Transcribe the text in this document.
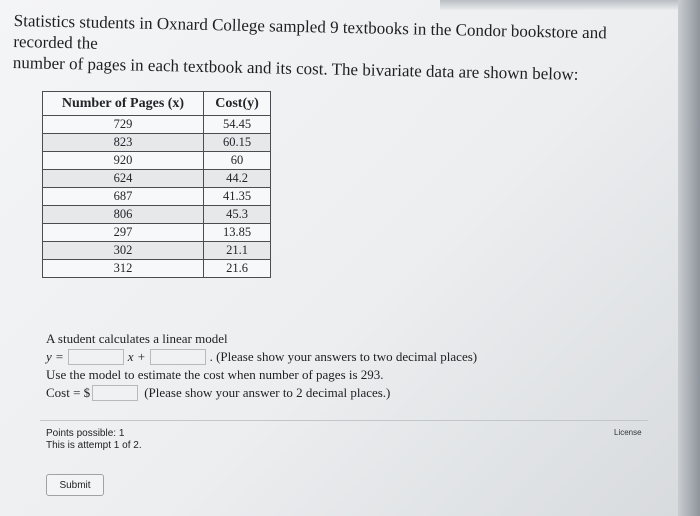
Statistics students in Oxnard College sampled 9 textbooks in the Condor bookstore and recorded the
number of pages in each textbook and its cost. The bivariate data are shown below:
Number of Pages (x)	Cost(y)
729	54.45
823	60.15
920	60
624	44.2
687	41.35
806	45.3
297	13.85
302	21.1
312	21.6
A student calculates a linear model
y =	x +	. (Please show your answers to two decimal places)
Use the model to estimate the cost when number of pages is 293.
Cost = $	(Please show your answer to 2 decimal places.)
Points possible: 1
This is attempt 1 of 2.
License
Submit
